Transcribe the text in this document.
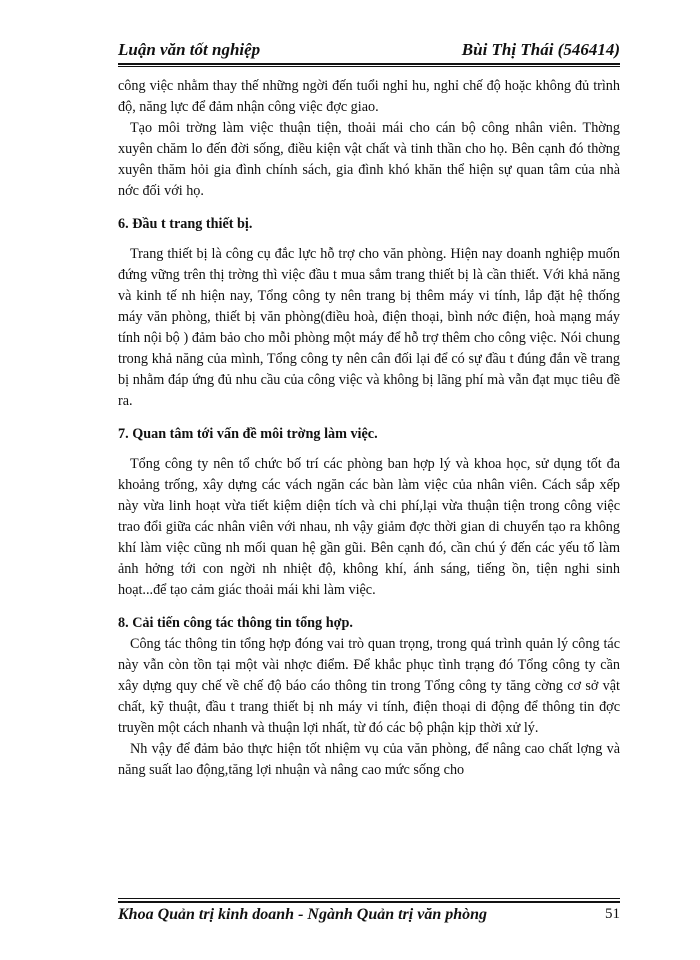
Luận văn tốt nghiệp	Bùi Thị Thái (546414)

công việc nhằm thay thế những ngời đến tuổi nghỉ hu, nghỉ chế độ hoặc không đủ trình độ, năng lực để đảm nhận công việc đợc giao.

Tạo môi trờng làm việc thuận tiện, thoải mái cho cán bộ công nhân viên. Thờng xuyên chăm lo đến đời sống, điều kiện vật chất và tinh thần cho họ. Bên cạnh đó thờng xuyên thăm hỏi gia đình chính sách, gia đình khó khăn thể hiện sự quan tâm của nhà nớc đối với họ.

6. Đầu t trang thiết bị.

Trang thiết bị là công cụ đắc lực hỗ trợ cho văn phòng. Hiện nay doanh nghiệp muốn đứng vững trên thị trờng thì việc đầu t mua sắm trang thiết bị là cần thiết. Với khả năng và kinh tế nh hiện nay, Tổng công ty nên trang bị thêm máy vi tính, lắp đặt hệ thống máy văn phòng, thiết bị văn phòng(điều hoà, điện thoại, bình nớc điện, hoà mạng máy tính nội bộ ) đảm bảo cho mỗi phòng một máy để hỗ trợ thêm cho công việc. Nói chung trong khả năng của mình, Tổng công ty nên cân đối lại để có sự đầu t đúng đắn về trang bị nhằm đáp ứng đủ nhu cầu của công việc và không bị lãng phí mà vẫn đạt mục tiêu đề ra.

7. Quan tâm tới vấn đề môi trờng làm việc.

Tổng công ty nên tổ chức bố trí các phòng ban hợp lý và khoa học, sử dụng tốt đa khoảng trống, xây dựng các vách ngăn các bàn làm việc của nhân viên. Cách sắp xếp này vừa linh hoạt vừa tiết kiệm diện tích và chi phí,lại vừa thuận tiện trong công việc trao đổi giữa các nhân viên với nhau, nh vậy giảm đợc thời gian di chuyển tạo ra không khí làm việc cũng nh mối quan hệ gần gũi. Bên cạnh đó, cần chú ý đến các yếu tố làm ảnh hởng tới con ngời nh nhiệt độ, không khí, ánh sáng, tiếng ồn, tiện nghi sinh hoạt...để tạo cảm giác thoải mái khi làm việc.

8. Cải tiến công tác thông tin tổng hợp.

Công tác thông tin tổng hợp đóng vai trò quan trọng, trong quá trình quản lý công tác này vẫn còn tồn tại một vài nhợc điểm. Để khắc phục tình trạng đó Tổng công ty cần xây dựng quy chế về chế độ báo cáo thông tin trong Tổng công ty tăng cờng cơ sở vật chất, kỹ thuật, đầu t trang thiết bị nh máy vi tính, điện thoại di động để thông tin đợc truyền một cách nhanh và thuận lợi nhất, từ đó các bộ phận kịp thời xử lý.

Nh vậy để đảm bảo thực hiện tốt nhiệm vụ của văn phòng, để nâng cao chất lợng và năng suất lao động,tăng lợi nhuận và nâng cao mức sống cho

Khoa Quản trị kinh doanh - Ngành Quản trị văn phòng	51
